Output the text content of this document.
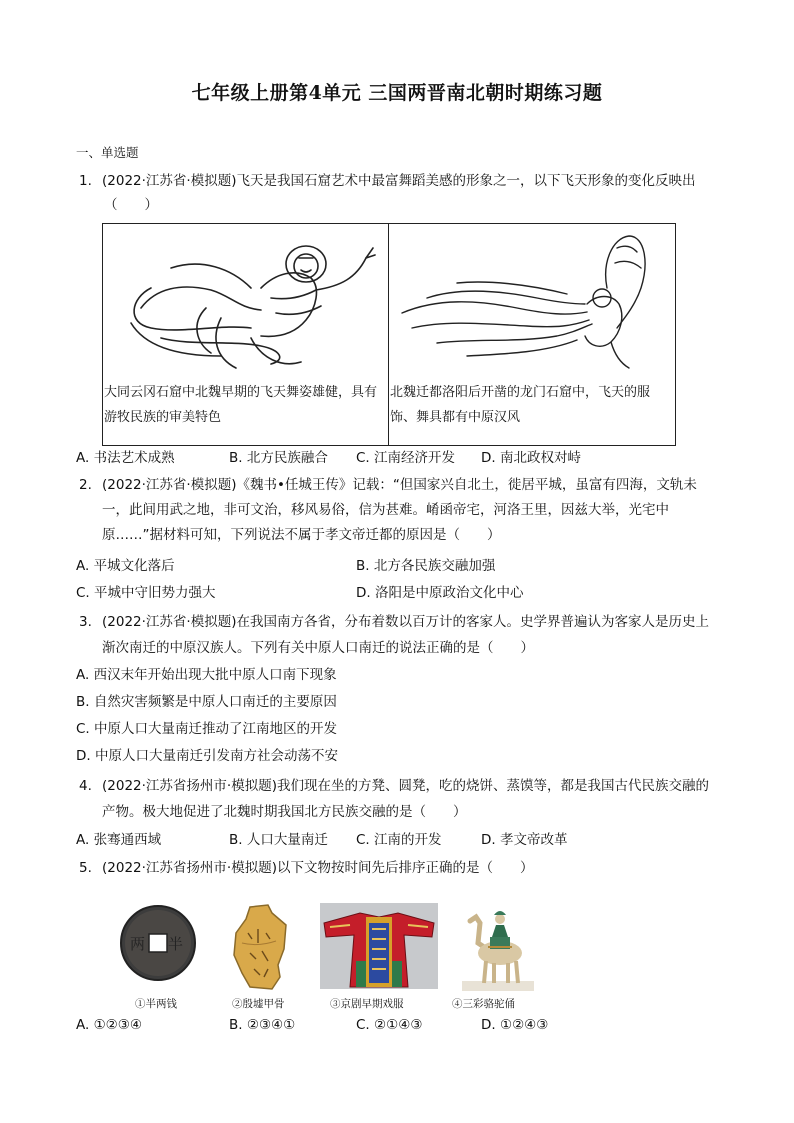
七年级上册第4单元 三国两晋南北朝时期练习题
一、单选题
1. (2022·江苏省·模拟题)飞天是我国石窟艺术中最富舞蹈美感的形象之一，以下飞天形象的变化反映出
（　　）
大同云冈石窟中北魏早期的飞天舞姿雄健，具有游牧民族的审美特色
北魏迁都洛阳后开凿的龙门石窟中，飞天的服饰、舞具都有中原汉风
A. 书法艺术成熟	B. 北方民族融合 C. 江南经济开发 D. 南北政权对峙
2. (2022·江苏省·模拟题)《魏书•任城王传》记载：“但国家兴自北土，徙居平城，虽富有四海，文轨未
一，此间用武之地，非可文治，移风易俗，信为甚难。崤函帝宅，河洛王里，因兹大举，光宅中
原……”据材料可知，下列说法不属于孝文帝迁都的原因是（　　）
A. 平城文化落后	B. 北方各民族交融加强
C. 平城中守旧势力强大	D. 洛阳是中原政治文化中心
3. (2022·江苏省·模拟题)在我国南方各省，分布着数以百万计的客家人。史学界普遍认为客家人是历史上
渐次南迁的中原汉族人。下列有关中原人口南迁的说法正确的是（　　）
A. 西汉末年开始出现大批中原人口南下现象
B. 自然灾害频繁是中原人口南迁的主要原因
C. 中原人口大量南迁推动了江南地区的开发
D. 中原人口大量南迁引发南方社会动荡不安
4. (2022·江苏省扬州市·模拟题)我们现在坐的方凳、圆凳，吃的烧饼、蒸馍等，都是我国古代民族交融的
产物。极大地促进了北魏时期我国北方民族交融的是（　　）
A. 张骞通西域	B. 人口大量南迁 C. 江南的开发	D. 孝文帝改革
5. (2022·江苏省扬州市·模拟题)以下文物按时间先后排序正确的是（　　）
半
两
①半两钱	②殷墟甲骨	③京剧早期戏服	④三彩骆驼俑
A. ①②③④	B. ②③④①	C. ②①④③	D. ①②④③
